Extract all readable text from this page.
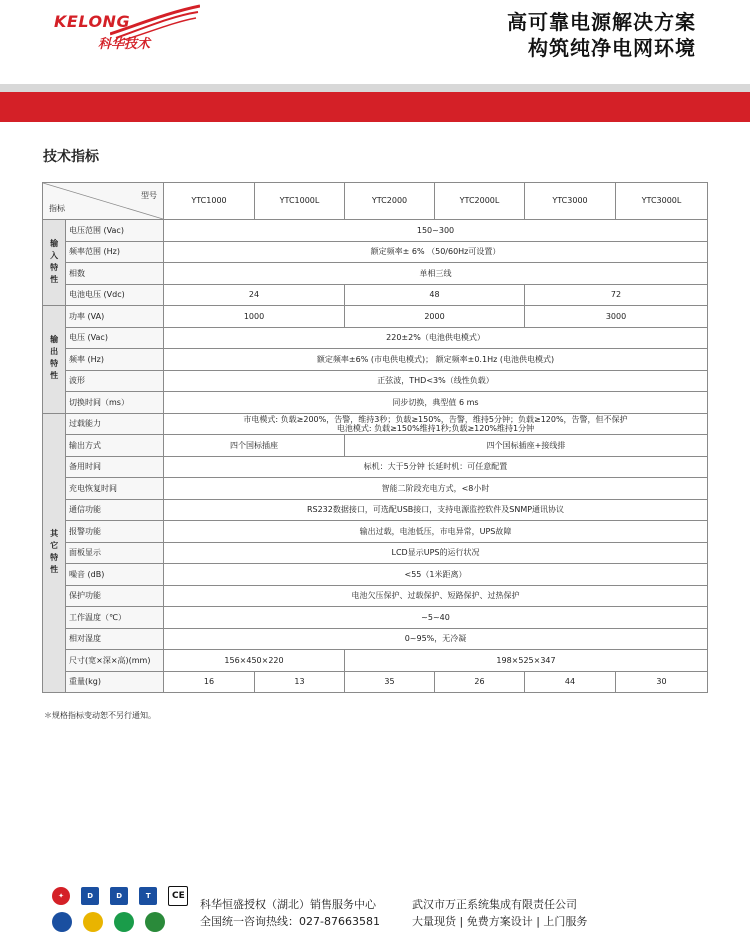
KELONG
科华技术
高可靠电源解决方案
构筑纯净电网环境
技术指标
型号
指标		YTC1000	YTC1000L	YTC2000	YTC2000L	YTC3000	YTC3000L
输入特性	电压范围 (Vac)	150~300					
	频率范围 (Hz)	额定频率± 6% （50/60Hz可设置）					
	相数	单相三线					
	电池电压 (Vdc)	24		48		72	
输出特性	功率 (VA)	1000		2000		3000	
	电压 (Vac)	220±2%（电池供电模式）					
	频率 (Hz)	额定频率±6% (市电供电模式)； 额定频率±0.1Hz (电池供电模式)					
	波形	正弦波，THD<3%（线性负载）					
	切换时间（ms）	同步切换，典型值 6 ms					
其它特性	过载能力	市电模式: 负载≥200%，告警，维持3秒；负载≥150%，告警，维持5分钟；负载≥120%，告警，但不保护
电池模式: 负载≥150%维持1秒;负载≥120%维持1分钟					

	输出方式	四个国标插座		四个国标插座+接线排			
	备用时间	标机：大于5分钟 长延时机：可任意配置					
	充电恢复时间	智能二阶段充电方式，<8小时					
	通信功能	RS232数据接口，可选配USB接口，支持电源监控软件及SNMP通讯协议					
	报警功能	输出过载，电池低压，市电异常，UPS故障					
	面板显示	LCD显示UPS的运行状况					
	噪音 (dB)	<55（1米距离）					
	保护功能	电池欠压保护、过载保护、短路保护、过热保护					
	工作温度（℃）	~5~40					
	相对湿度	0~95%，无冷凝					
	尺寸(宽×深×高)(mm)	156×450×220		198×525×347			
	重量(kg)	16	13	35	26	44	30
＊规格指标变动恕不另行通知。
✦	D	D	T CE

科华恒盛授权（湖北）销售服务中心
全国统一咨询热线：027-87663581
武汉市万正系统集成有限责任公司
大量现货 | 免费方案设计 | 上门服务
